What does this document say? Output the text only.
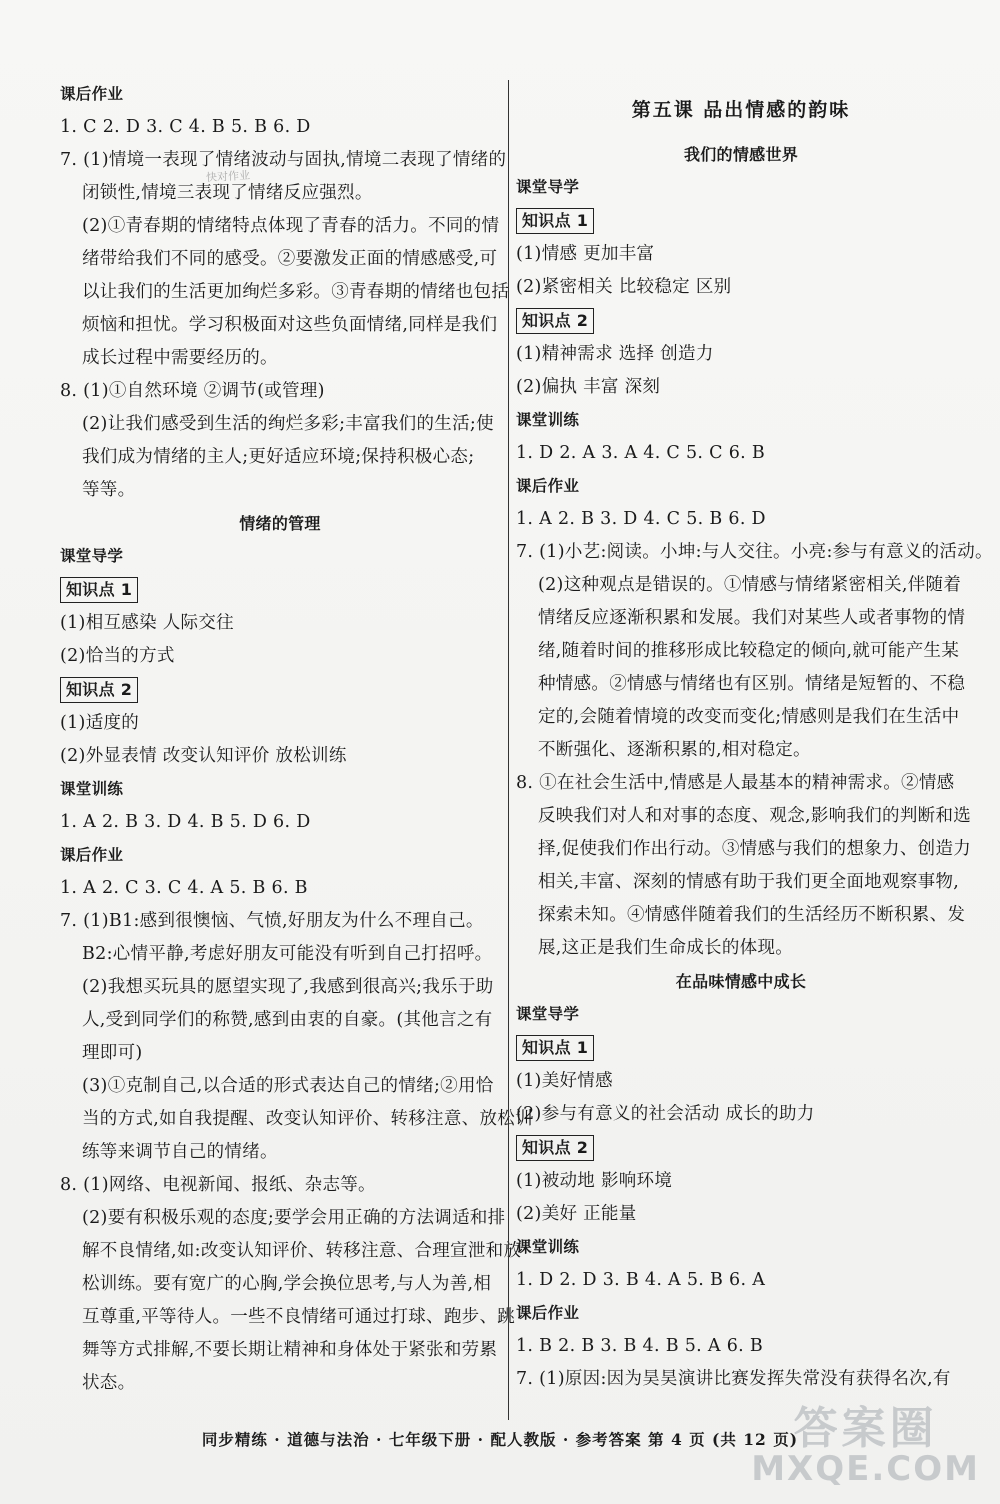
课后作业
1. C 2. D 3. C 4. B 5. B 6. D
7. (1)情境一表现了情绪波动与固执,情境二表现了情绪的
闭锁性,情境三表现了情绪反应强烈。
(2)①青春期的情绪特点体现了青春的活力。不同的情
绪带给我们不同的感受。②要激发正面的情感感受,可
以让我们的生活更加绚烂多彩。③青春期的情绪也包括
烦恼和担忧。学习积极面对这些负面情绪,同样是我们
成长过程中需要经历的。
8. (1)①自然环境 ②调节(或管理)
(2)让我们感受到生活的绚烂多彩;丰富我们的生活;使
我们成为情绪的主人;更好适应环境;保持积极心态;
等等。
情绪的管理
课堂导学
知识点 1
(1)相互感染 人际交往
(2)恰当的方式
知识点 2
(1)适度的
(2)外显表情 改变认知评价 放松训练
课堂训练
1. A 2. B 3. D 4. B 5. D 6. D
课后作业
1. A 2. C 3. C 4. A 5. B 6. B
7. (1)B1:感到很懊恼、气愤,好朋友为什么不理自己。
B2:心情平静,考虑好朋友可能没有听到自己打招呼。
(2)我想买玩具的愿望实现了,我感到很高兴;我乐于助
人,受到同学们的称赞,感到由衷的自豪。(其他言之有
理即可)
(3)①克制自己,以合适的形式表达自己的情绪;②用恰
当的方式,如自我提醒、改变认知评价、转移注意、放松训
练等来调节自己的情绪。
8. (1)网络、电视新闻、报纸、杂志等。
(2)要有积极乐观的态度;要学会用正确的方法调适和排
解不良情绪,如:改变认知评价、转移注意、合理宣泄和放
松训练。要有宽广的心胸,学会换位思考,与人为善,相
互尊重,平等待人。一些不良情绪可通过打球、跑步、跳
舞等方式排解,不要长期让精神和身体处于紧张和劳累
状态。
第五课 品出情感的韵味
我们的情感世界
课堂导学
知识点 1
(1)情感 更加丰富
(2)紧密相关 比较稳定 区别
知识点 2
(1)精神需求 选择 创造力
(2)偏执 丰富 深刻
课堂训练
1. D 2. A 3. A 4. C 5. C 6. B
课后作业
1. A 2. B 3. D 4. C 5. B 6. D
7. (1)小艺:阅读。小坤:与人交往。小亮:参与有意义的活动。
(2)这种观点是错误的。①情感与情绪紧密相关,伴随着
情绪反应逐渐积累和发展。我们对某些人或者事物的情
绪,随着时间的推移形成比较稳定的倾向,就可能产生某
种情感。②情感与情绪也有区别。情绪是短暂的、不稳
定的,会随着情境的改变而变化;情感则是我们在生活中
不断强化、逐渐积累的,相对稳定。
8. ①在社会生活中,情感是人最基本的精神需求。②情感
反映我们对人和对事的态度、观念,影响我们的判断和选
择,促使我们作出行动。③情感与我们的想象力、创造力
相关,丰富、深刻的情感有助于我们更全面地观察事物,
探索未知。④情感伴随着我们的生活经历不断积累、发
展,这正是我们生命成长的体现。
在品味情感中成长
课堂导学
知识点 1
(1)美好情感
(2)参与有意义的社会活动 成长的助力
知识点 2
(1)被动地 影响环境
(2)美好 正能量
课堂训练
1. D 2. D 3. B 4. A 5. B 6. A
课后作业
1. B 2. B 3. B 4. B 5. A 6. B
7. (1)原因:因为昊昊演讲比赛发挥失常没有获得名次,有
快对作业
同步精练 · 道德与法治 · 七年级下册 · 配人教版 · 参考答案 第 4 页 (共 12 页)
答案圈
MXQE.COM
